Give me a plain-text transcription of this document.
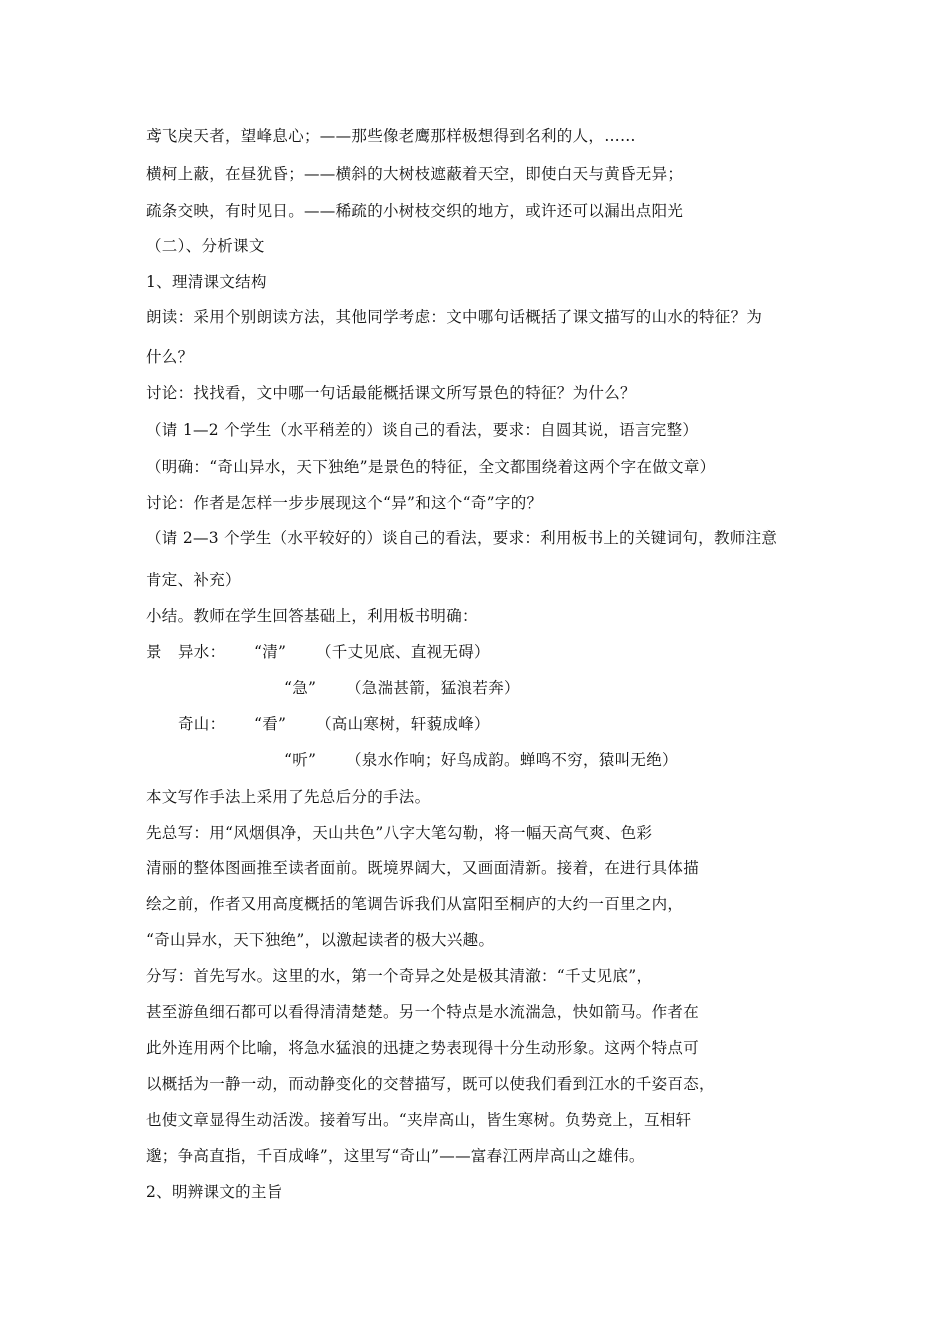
鸢飞戾天者，望峰息心；——那些像老鹰那样极想得到名利的人，……
横柯上蔽，在昼犹昏；——横斜的大树枝遮蔽着天空，即使白天与黄昏无异；
疏条交映，有时见日。——稀疏的小树枝交织的地方，或许还可以漏出点阳光
（二）、分析课文
1、理清课文结构
朗读：采用个别朗读方法，其他同学考虑：文中哪句话概括了课文描写的山水的特征？为
什么？
讨论：找找看，文中哪一句话最能概括课文所写景色的特征？为什么？
（请 1—2 个学生（水平稍差的）谈自己的看法，要求：自圆其说，语言完整）
（明确：“奇山异水，天下独绝”是景色的特征，全文都围绕着这两个字在做文章）
讨论：作者是怎样一步步展现这个“异”和这个“奇”字的？
（请 2—3 个学生（水平较好的）谈自己的看法，要求：利用板书上的关键词句，教师注意
肯定、补充）
小结。教师在学生回答基础上，利用板书明确：
景 异水： “清” （千丈见底、直视无碍）
“急” （急湍甚箭，猛浪若奔）
奇山： “看” （高山寒树，轩藐成峰）
“听” （泉水作响；好鸟成韵。蝉鸣不穷，猿叫无绝）
本文写作手法上采用了先总后分的手法。
先总写：用“风烟俱净，天山共色”八字大笔勾勒，将一幅天高气爽、色彩
清丽的整体图画推至读者面前。既境界阔大，又画面清新。接着，在进行具体描
绘之前，作者又用高度概括的笔调告诉我们从富阳至桐庐的大约一百里之内，
“奇山异水，天下独绝”，以激起读者的极大兴趣。
分写：首先写水。这里的水，第一个奇异之处是极其清澈：“千丈见底”，
甚至游鱼细石都可以看得清清楚楚。另一个特点是水流湍急，快如箭马。作者在
此外连用两个比喻，将急水猛浪的迅捷之势表现得十分生动形象。这两个特点可
以概括为一静一动，而动静变化的交替描写，既可以使我们看到江水的千姿百态，
也使文章显得生动活泼。接着写出。“夹岸高山，皆生寒树。负势竞上，互相轩
邈；争高直指，千百成峰”，这里写“奇山”——富春江两岸高山之雄伟。
2、明辨课文的主旨
